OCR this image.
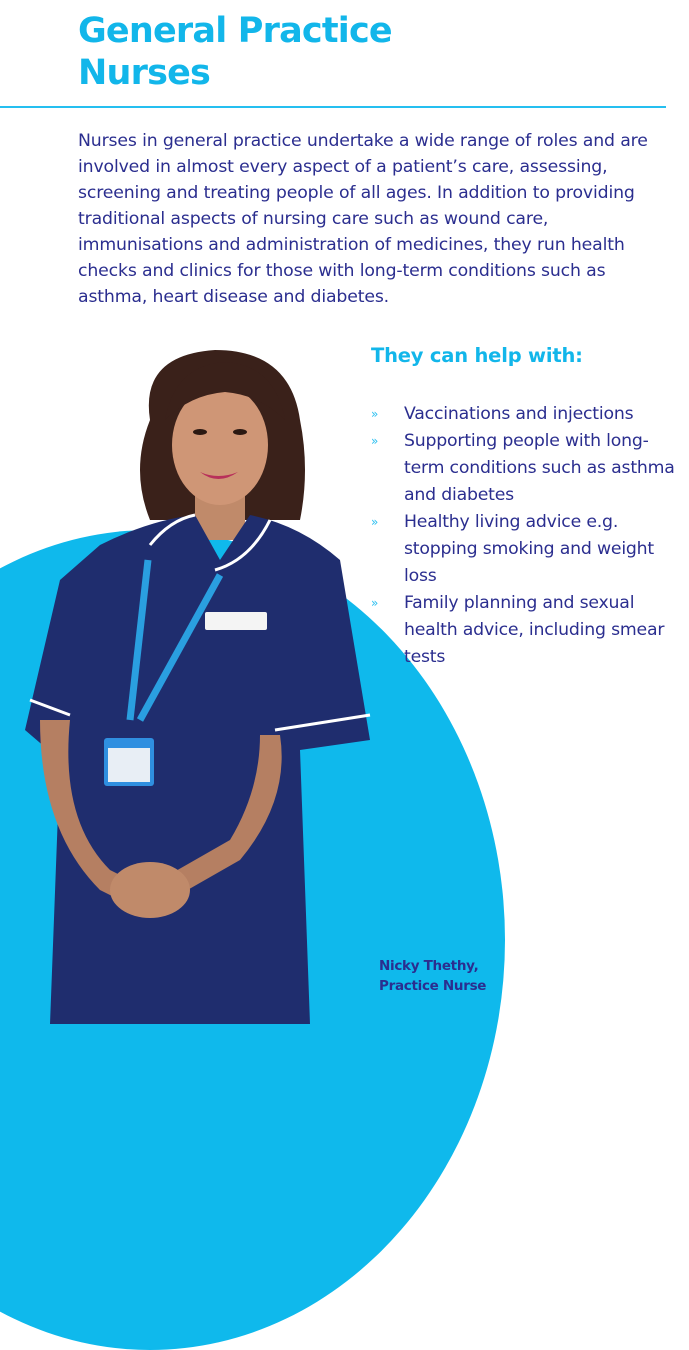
General Practice
Nurses

Nurses in general practice undertake a wide range of roles and are involved in almost every aspect of a patient’s care, assessing, screening and treating people of all ages. In addition to providing traditional aspects of nursing care such as wound care, immunisations and administration of medicines, they run health checks and clinics for those with long-term conditions such as asthma, heart disease and diabetes.

They can help with:
» Vaccinations and injections
» Supporting people with long-term conditions such as asthma and diabetes
» Healthy living advice e.g. stopping smoking and weight loss
» Family planning and sexual health advice, including smear tests

Nicky Thethy,
Practice Nurse
